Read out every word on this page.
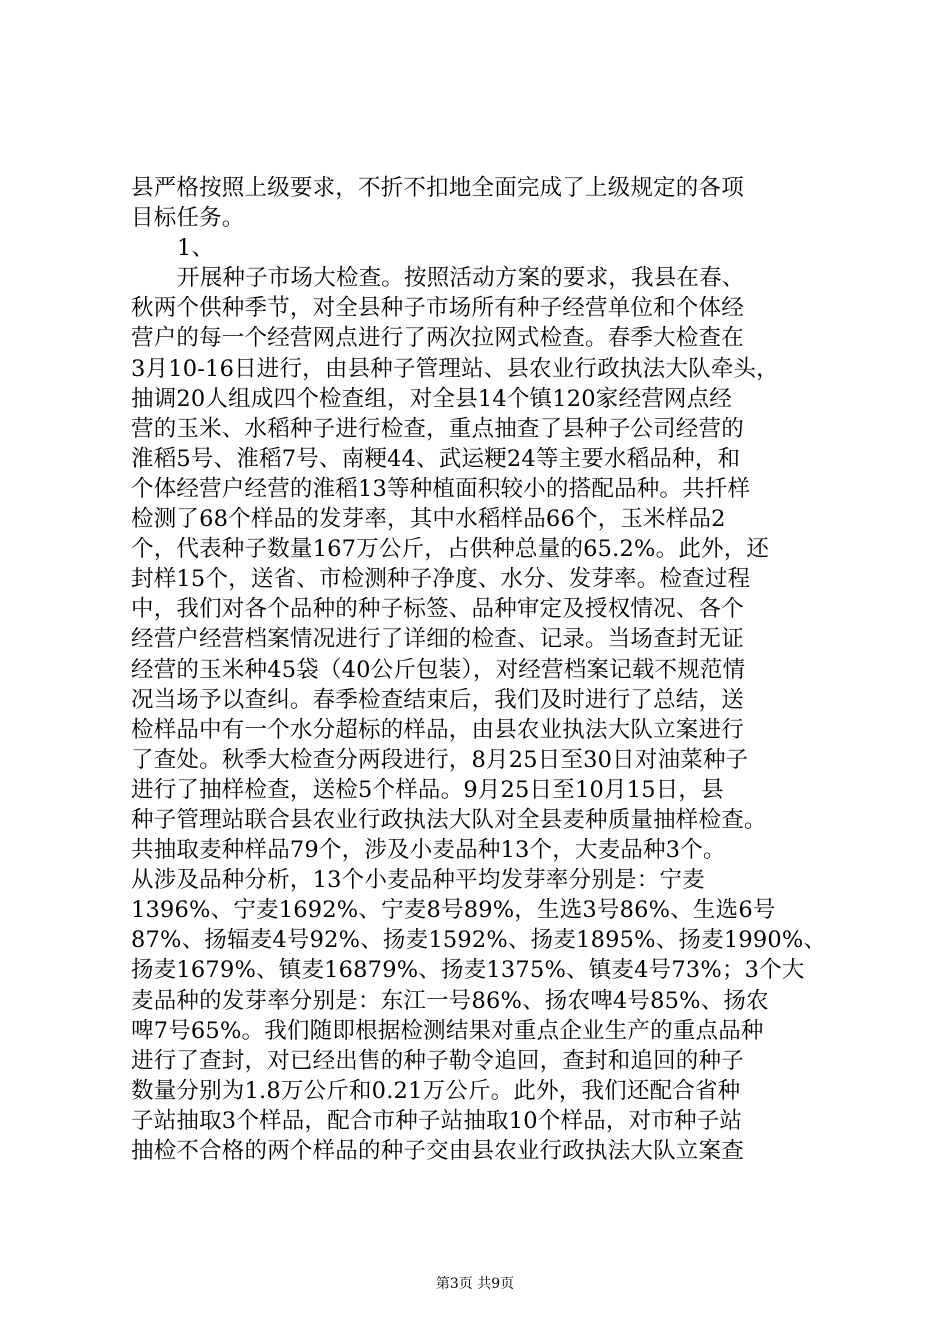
县严格按照上级要求，不折不扣地全面完成了上级规定的各项
目标任务。
1、
开展种子市场大检查。按照活动方案的要求，我县在春、
秋两个供种季节，对全县种子市场所有种子经营单位和个体经
营户的每一个经营网点进行了两次拉网式检查。春季大检查在
3月10-16日进行，由县种子管理站、县农业行政执法大队牵头，
抽调20人组成四个检查组，对全县14个镇120家经营网点经
营的玉米、水稻种子进行检查，重点抽查了县种子公司经营的
淮稻5号、淮稻7号、南粳44、武运粳24等主要水稻品种，和
个体经营户经营的淮稻13等种植面积较小的搭配品种。共扦样
检测了68个样品的发芽率，其中水稻样品66个，玉米样品2
个，代表种子数量167万公斤，占供种总量的65.2%。此外，还
封样15个，送省、市检测种子净度、水分、发芽率。检查过程
中，我们对各个品种的种子标签、品种审定及授权情况、各个
经营户经营档案情况进行了详细的检查、记录。当场查封无证
经营的玉米种45袋（40公斤包装），对经营档案记载不规范情
况当场予以查纠。春季检查结束后，我们及时进行了总结，送
检样品中有一个水分超标的样品，由县农业执法大队立案进行
了查处。秋季大检查分两段进行，8月25日至30日对油菜种子
进行了抽样检查，送检5个样品。9月25日至10月15日，县
种子管理站联合县农业行政执法大队对全县麦种质量抽样检查。
共抽取麦种样品79个，涉及小麦品种13个，大麦品种3个。
从涉及品种分析，13个小麦品种平均发芽率分别是：宁麦
1396%、宁麦1692%、宁麦8号89%，生选3号86%、生选6号
87%、扬辐麦4号92%、扬麦1592%、扬麦1895%、扬麦1990%、
扬麦1679%、镇麦16879%、扬麦1375%、镇麦4号73%；3个大
麦品种的发芽率分别是：东江一号86%、扬农啤4号85%、扬农
啤7号65%。我们随即根据检测结果对重点企业生产的重点品种
进行了查封，对已经出售的种子勒令追回，查封和追回的种子
数量分别为1.8万公斤和0.21万公斤。此外，我们还配合省种
子站抽取3个样品，配合市种子站抽取10个样品，对市种子站
抽检不合格的两个样品的种子交由县农业行政执法大队立案查
第3页 共9页
